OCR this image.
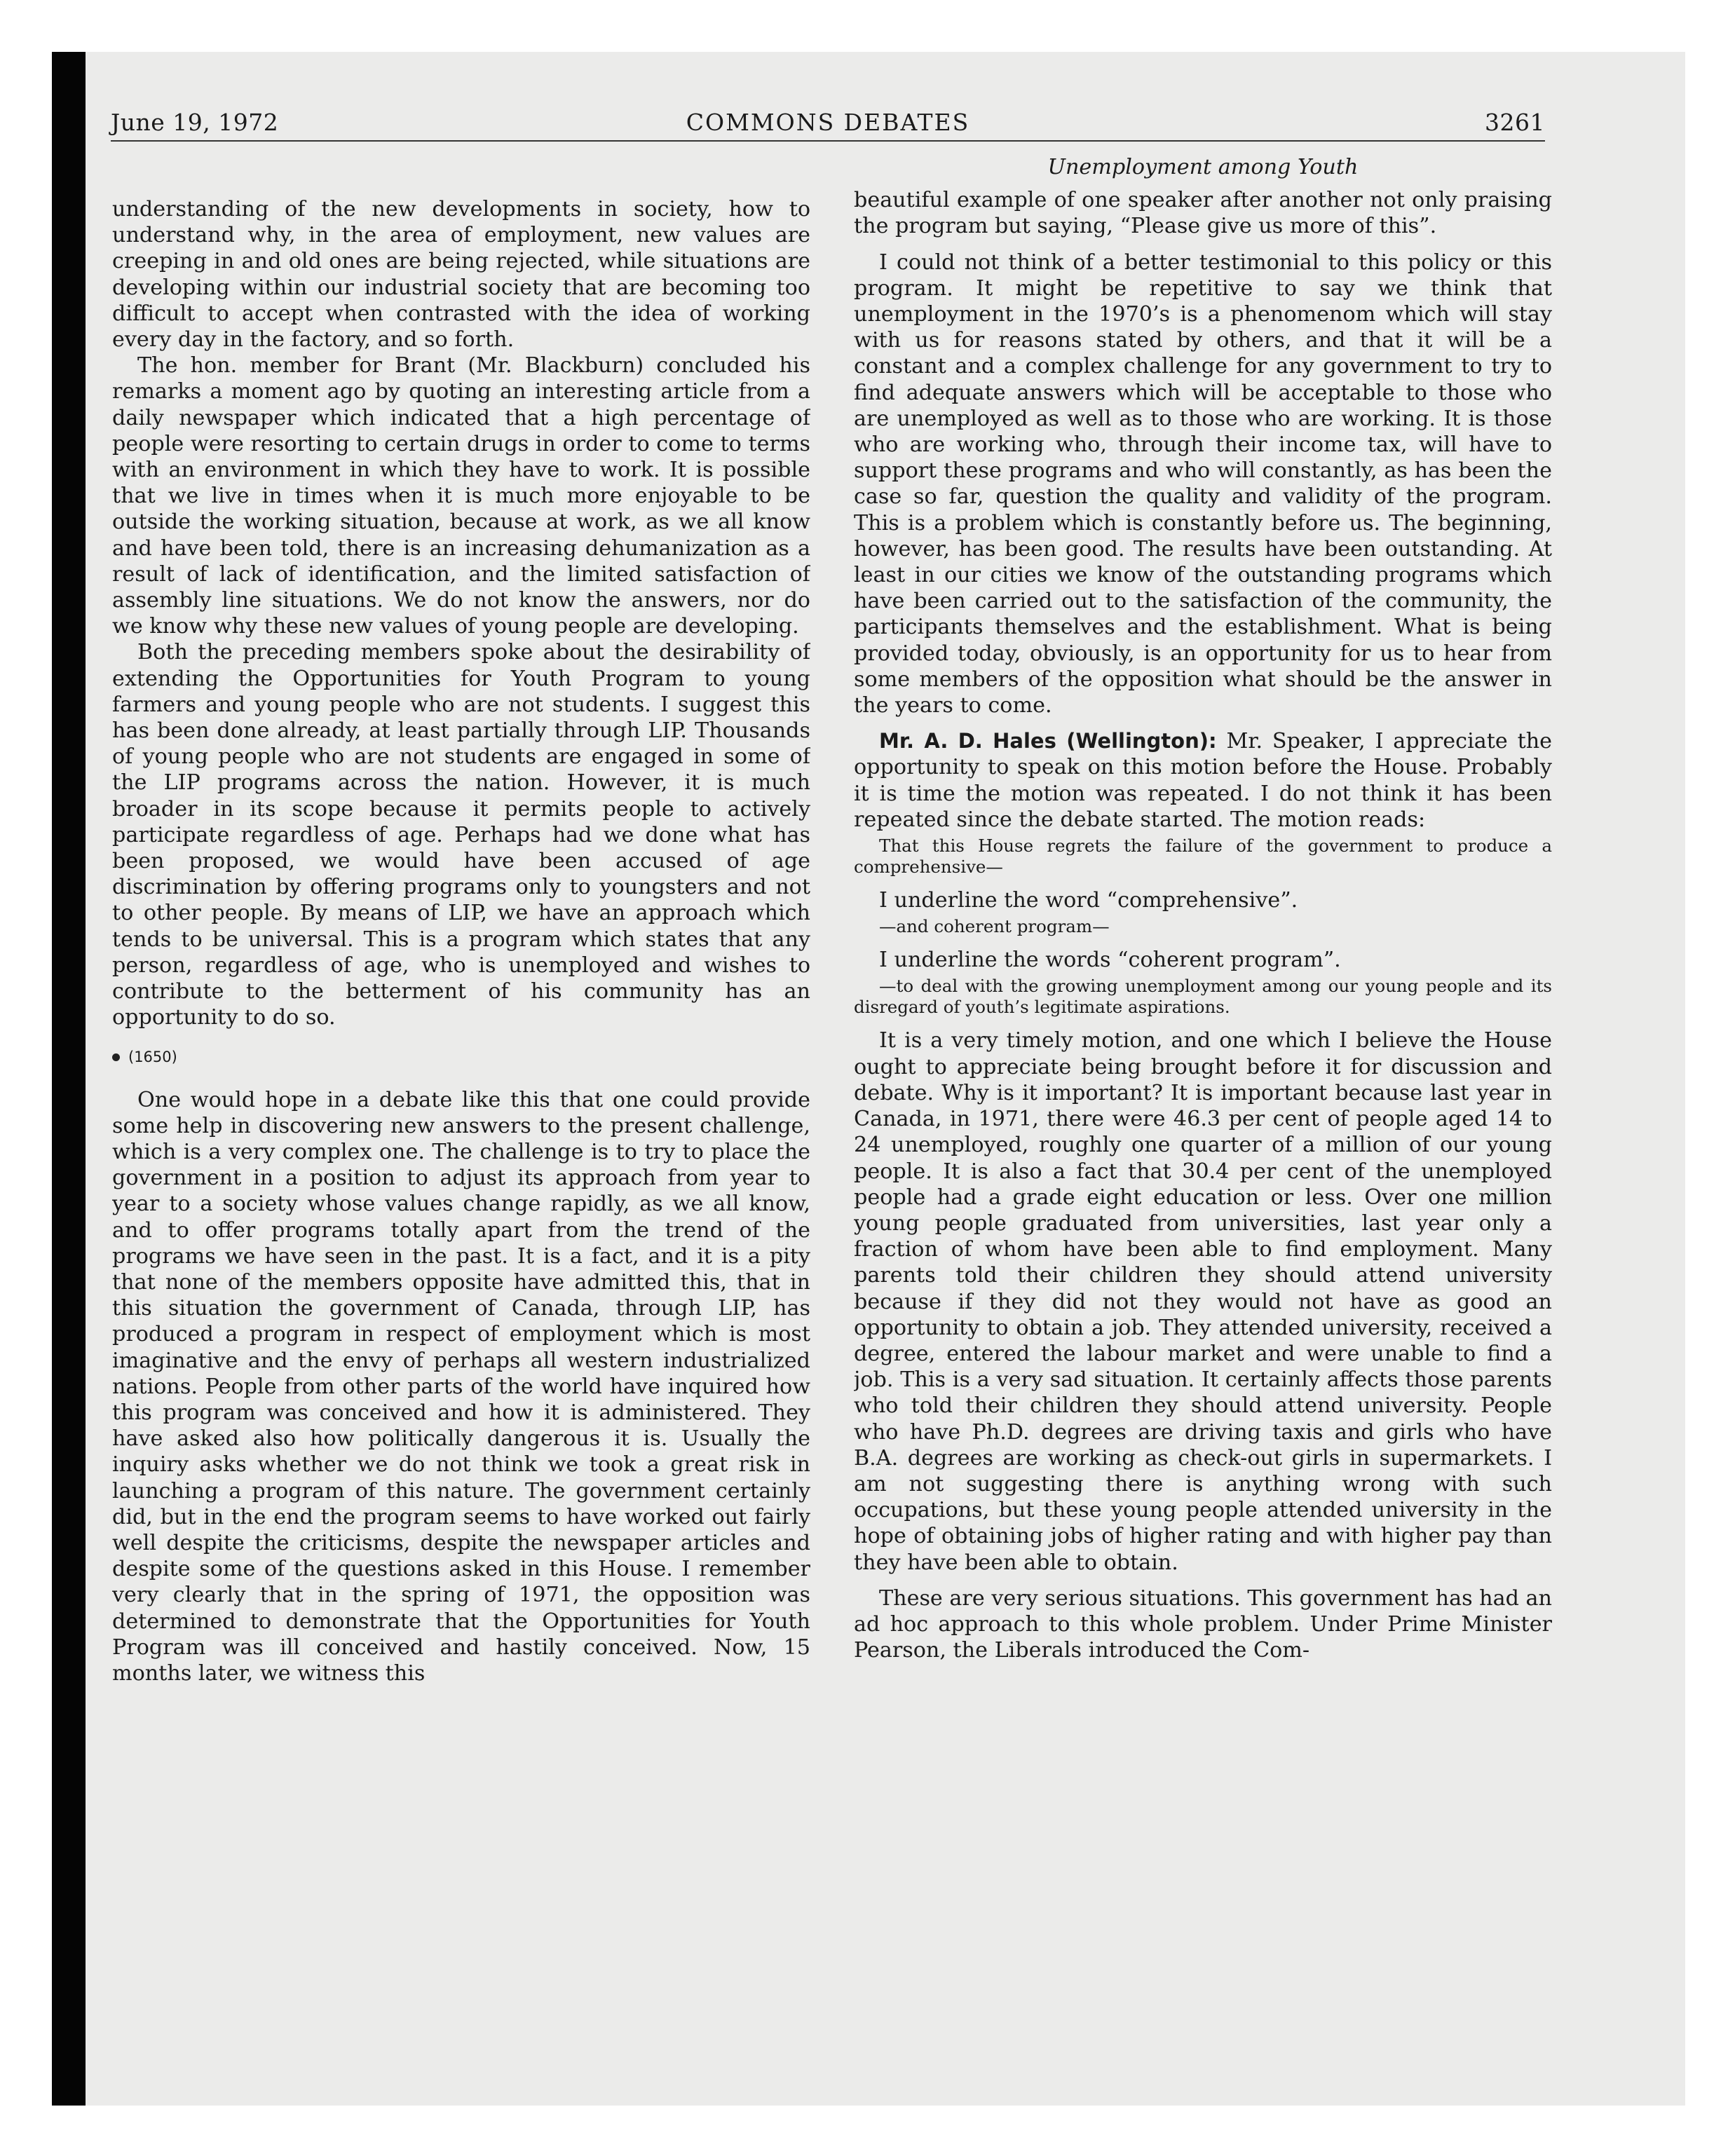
June 19, 1972	COMMONS DEBATES	3261

understanding of the new developments in society, how to understand why, in the area of employment, new values are creeping in and old ones are being rejected, while situations are developing within our industrial society that are becoming too difficult to accept when contrasted with the idea of working every day in the factory, and so forth.

The hon. member for Brant (Mr. Blackburn) concluded his remarks a moment ago by quoting an interesting article from a daily newspaper which indicated that a high percentage of people were resorting to certain drugs in order to come to terms with an environment in which they have to work. It is possible that we live in times when it is much more enjoyable to be outside the working situation, because at work, as we all know and have been told, there is an increasing dehumanization as a result of lack of identification, and the limited satisfaction of assembly line situations. We do not know the answers, nor do we know why these new values of young people are developing.

Both the preceding members spoke about the desirability of extending the Opportunities for Youth Program to young farmers and young people who are not students. I suggest this has been done already, at least partially through LIP. Thousands of young people who are not students are engaged in some of the LIP programs across the nation. However, it is much broader in its scope because it permits people to actively participate regardless of age. Perhaps had we done what has been proposed, we would have been accused of age discrimination by offering programs only to youngsters and not to other people. By means of LIP, we have an approach which tends to be universal. This is a program which states that any person, regardless of age, who is unemployed and wishes to contribute to the betterment of his community has an opportunity to do so.

(1650)

One would hope in a debate like this that one could provide some help in discovering new answers to the present challenge, which is a very complex one. The challenge is to try to place the government in a position to adjust its approach from year to year to a society whose values change rapidly, as we all know, and to offer programs totally apart from the trend of the programs we have seen in the past. It is a fact, and it is a pity that none of the members opposite have admitted this, that in this situation the government of Canada, through LIP, has produced a program in respect of employment which is most imaginative and the envy of perhaps all western industrialized nations. People from other parts of the world have inquired how this program was conceived and how it is administered. They have asked also how politically dangerous it is. Usually the inquiry asks whether we do not think we took a great risk in launching a program of this nature. The government certainly did, but in the end the program seems to have worked out fairly well despite the criticisms, despite the newspaper articles and despite some of the questions asked in this House. I remember very clearly that in the spring of 1971, the opposition was determined to demonstrate that the Opportunities for Youth Program was ill conceived and hastily conceived. Now, 15 months later, we witness this

Unemployment among Youth

beautiful example of one speaker after another not only praising the program but saying, “Please give us more of this”.

I could not think of a better testimonial to this policy or this program. It might be repetitive to say we think that unemployment in the 1970’s is a phenomenom which will stay with us for reasons stated by others, and that it will be a constant and a complex challenge for any government to try to find adequate answers which will be acceptable to those who are unemployed as well as to those who are working. It is those who are working who, through their income tax, will have to support these programs and who will constantly, as has been the case so far, question the quality and validity of the program. This is a problem which is constantly before us. The beginning, however, has been good. The results have been outstanding. At least in our cities we know of the outstanding programs which have been carried out to the satisfaction of the community, the participants themselves and the establishment. What is being provided today, obviously, is an opportunity for us to hear from some members of the opposition what should be the answer in the years to come.

Mr. A. D. Hales (Wellington): Mr. Speaker, I appreciate the opportunity to speak on this motion before the House. Probably it is time the motion was repeated. I do not think it has been repeated since the debate started. The motion reads:

That this House regrets the failure of the government to produce a comprehensive—

I underline the word “comprehensive”.

—and coherent program—

I underline the words “coherent program”.

—to deal with the growing unemployment among our young people and its disregard of youth’s legitimate aspirations.

It is a very timely motion, and one which I believe the House ought to appreciate being brought before it for discussion and debate. Why is it important? It is important because last year in Canada, in 1971, there were 46.3 per cent of people aged 14 to 24 unemployed, roughly one quarter of a million of our young people. It is also a fact that 30.4 per cent of the unemployed people had a grade eight education or less. Over one million young people graduated from universities, last year only a fraction of whom have been able to find employment. Many parents told their children they should attend university because if they did not they would not have as good an opportunity to obtain a job. They attended university, received a degree, entered the labour market and were unable to find a job. This is a very sad situation. It certainly affects those parents who told their children they should attend university. People who have Ph.D. degrees are driving taxis and girls who have B.A. degrees are working as check-out girls in supermarkets. I am not suggesting there is anything wrong with such occupations, but these young people attended university in the hope of obtaining jobs of higher rating and with higher pay than they have been able to obtain.

These are very serious situations. This government has had an ad hoc approach to this whole problem. Under Prime Minister Pearson, the Liberals introduced the Com-
